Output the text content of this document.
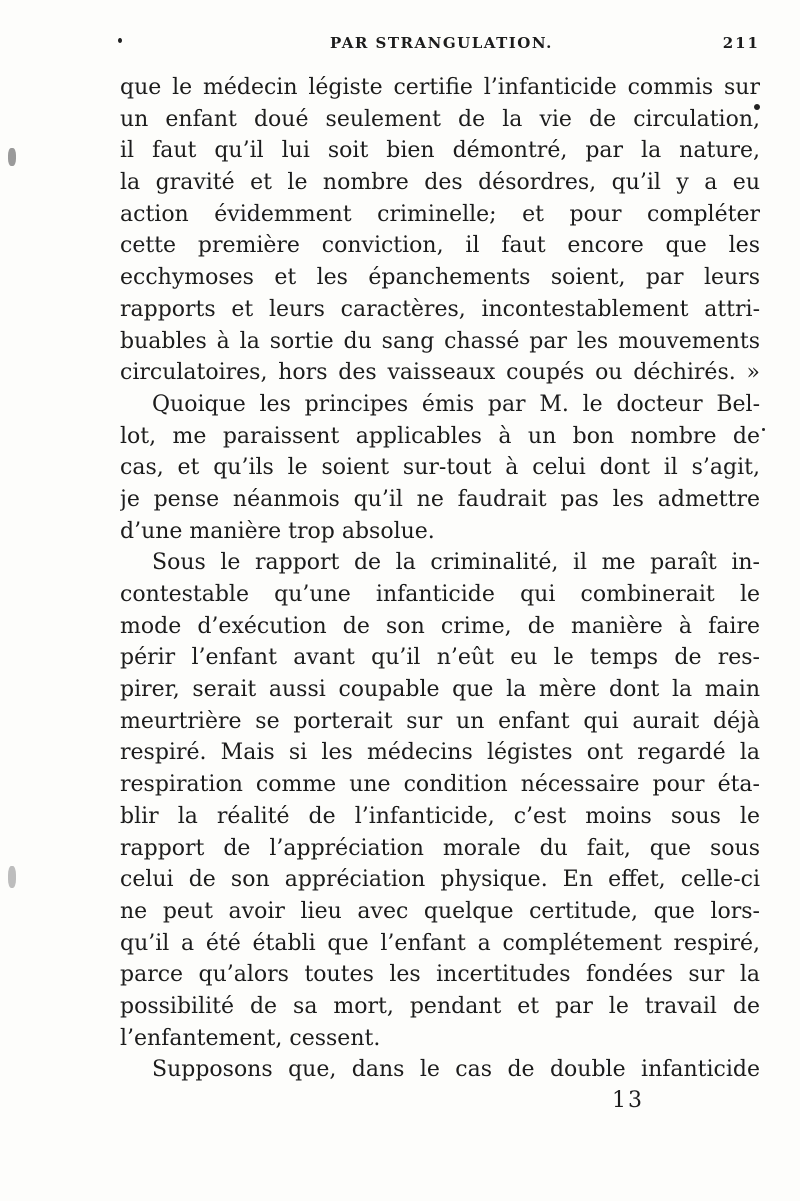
PAR STRANGULATION.	211
que le médecin légiste certifie l’infanticide commis sur
un enfant doué seulement de la vie de circulation,
il faut qu’il lui soit bien démontré, par la nature,
la gravité et le nombre des désordres, qu’il y a eu
action évidemment criminelle; et pour compléter
cette première conviction, il faut encore que les
ecchymoses et les épanchements soient, par leurs
rapports et leurs caractères, incontestablement attri-
buables à la sortie du sang chassé par les mouvements
circulatoires, hors des vaisseaux coupés ou déchirés. »
Quoique les principes émis par M. le docteur Bel-
lot, me paraissent applicables à un bon nombre de
cas, et qu’ils le soient sur-tout à celui dont il s’agit,
je pense néanmois qu’il ne faudrait pas les admettre
d’une manière trop absolue.
Sous le rapport de la criminalité, il me paraît in-
contestable qu’une infanticide qui combinerait le
mode d’exécution de son crime, de manière à faire
périr l’enfant avant qu’il n’eût eu le temps de res-
pirer, serait aussi coupable que la mère dont la main
meurtrière se porterait sur un enfant qui aurait déjà
respiré. Mais si les médecins légistes ont regardé la
respiration comme une condition nécessaire pour éta-
blir la réalité de l’infanticide, c’est moins sous le
rapport de l’appréciation morale du fait, que sous
celui de son appréciation physique. En effet, celle-ci
ne peut avoir lieu avec quelque certitude, que lors-
qu’il a été établi que l’enfant a complétement respiré,
parce qu’alors toutes les incertitudes fondées sur la
possibilité de sa mort, pendant et par le travail de
l’enfantement, cessent.
Supposons que, dans le cas de double infanticide
13
